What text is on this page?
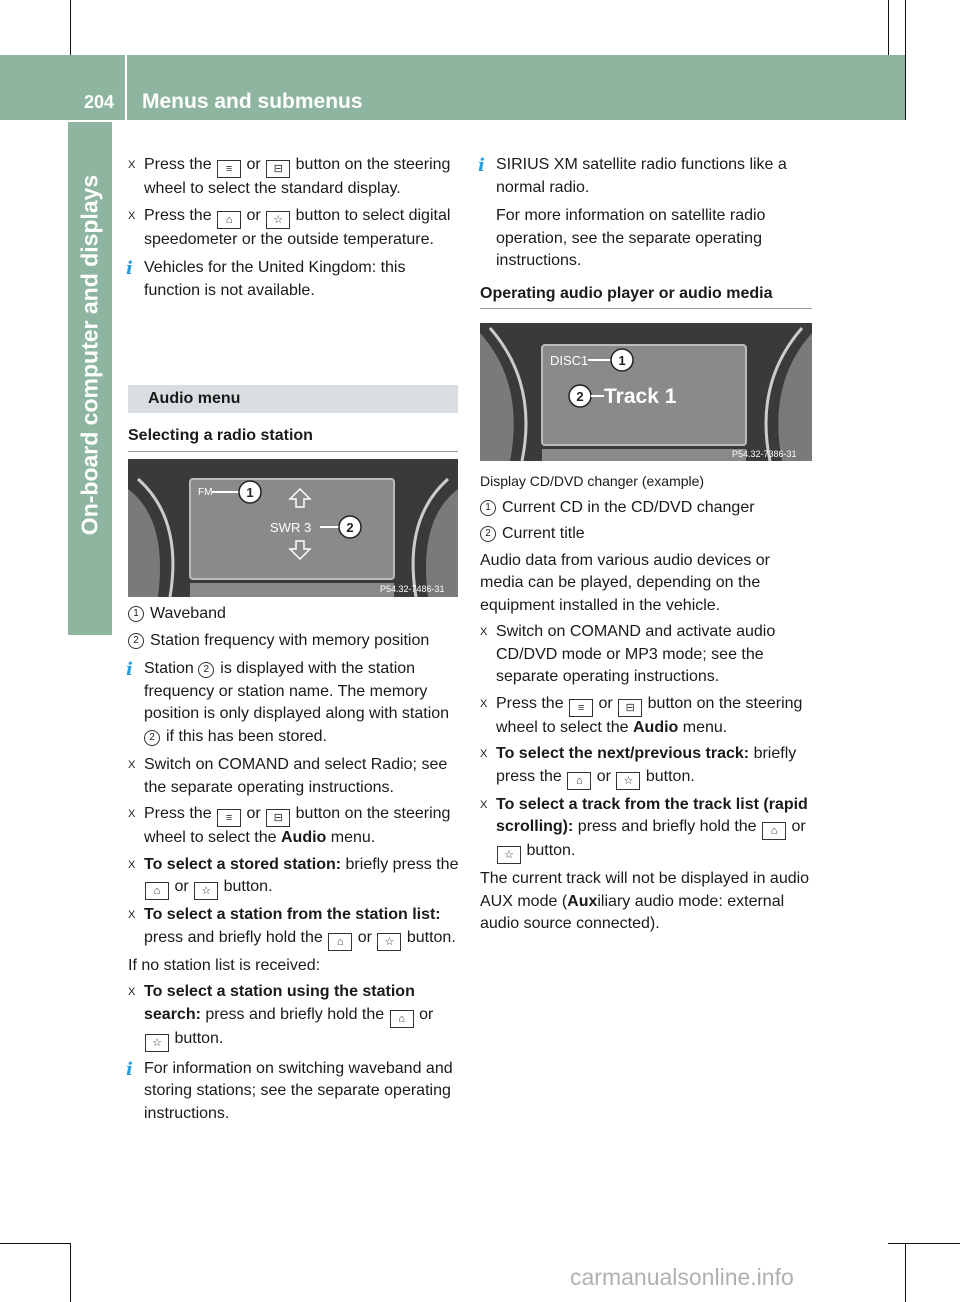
204 Menus and submenus
On-board computer and displays
X Press the ≡ or ⊟ button on the steering wheel to select the standard display.
X Press the ⌂ or ☆ button to select digital speedometer or the outside temperature.
i Vehicles for the United Kingdom: this function is not available.
Audio menu
Selecting a radio station
FM	1
SWR 3	2
P54.32-7486-31
1 Waveband
2 Station frequency with memory position
i Station 2 is displayed with the station frequency or station name. The memory position is only displayed along with station 2 if this has been stored.
X Switch on COMAND and select Radio; see the separate operating instructions.
X Press the ≡ or ⊟ button on the steering wheel to select the Audio menu.
X To select a stored station: briefly press the ⌂ or ☆ button.
X To select a station from the station list: press and briefly hold the ⌂ or ☆ button.
If no station list is received:
X To select a station using the station search: press and briefly hold the ⌂ or ☆ button.
i For information on switching waveband and storing stations; see the separate operating instructions.
i SIRIUS XM satellite radio functions like a normal radio.
For more information on satellite radio operation, see the separate operating instructions.
Operating audio player or audio media
DISC1 1
2 Track 1
P54.32-7386-31
Display CD/DVD changer (example)
1 Current CD in the CD/DVD changer
2 Current title
Audio data from various audio devices or media can be played, depending on the equipment installed in the vehicle.
X Switch on COMAND and activate audio CD/DVD mode or MP3 mode; see the separate operating instructions.
X Press the ≡ or ⊟ button on the steering wheel to select the Audio menu.
X To select the next/previous track: briefly press the ⌂ or ☆ button.
X To select a track from the track list (rapid scrolling): press and briefly hold the ⌂ or ☆ button.
The current track will not be displayed in audio AUX mode (Auxiliary audio mode: external audio source connected).
carmanualsonline.info
